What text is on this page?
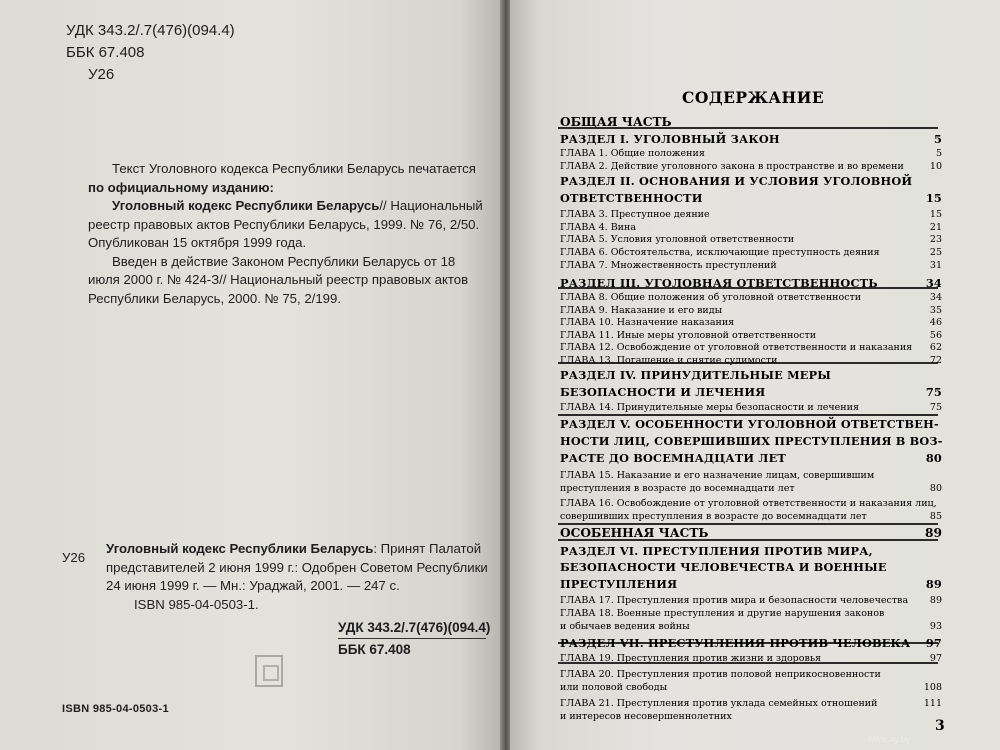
УДК 343.2/.7(476)(094.4)
ББК 67.408
У26

Текст Уголовного кодекса Республики Беларусь печатается по официальному изданию:

Уголовный кодекс Республики Беларусь// Национальный реестр правовых актов Республики Беларусь, 1999. № 76, 2/50. Опубликован 15 октября 1999 года.

Введен в действие Законом Республики Беларусь от 18 июля 2000 г. № 424-З// Национальный реестр правовых актов Республики Беларусь, 2000. № 75, 2/199.

У26
Уголовный кодекс Республики Беларусь: Принят Палатой представителей 2 июня 1999 г.: Одобрен Советом Республики 24 июня 1999 г. — Мн.: Ураджай, 2001. — 247 с.
ISBN 985-04-0503-1.
УДК 343.2/.7(476)(094.4)
ББК 67.408
ISBN 985-04-0503-1
СОДЕРЖАНИЕ
ОБЩАЯ ЧАСТЬ
РАЗДЕЛ I. УГОЛОВНЫЙ ЗАКОН	5
ГЛАВА 1. Общие положения	5
ГЛАВА 2. Действие уголовного закона в пространстве и во времени	10
РАЗДЕЛ II. ОСНОВАНИЯ И УСЛОВИЯ УГОЛОВНОЙ
ОТВЕТСТВЕННОСТИ	15
ГЛАВА 3. Преступное деяние	15
ГЛАВА 4. Вина	21
ГЛАВА 5. Условия уголовной ответственности	23
ГЛАВА 6. Обстоятельства, исключающие преступность деяния	25
ГЛАВА 7. Множественность преступлений	31
РАЗДЕЛ III. УГОЛОВНАЯ ОТВЕТСТВЕННОСТЬ	34
ГЛАВА 8. Общие положения об уголовной ответственности	34
ГЛАВА 9. Наказание и его виды	35
ГЛАВА 10. Назначение наказания	46
ГЛАВА 11. Иные меры уголовной ответственности	56
ГЛАВА 12. Освобождение от уголовной ответственности и наказания 62
ГЛАВА 13. Погашение и снятие судимости	72
РАЗДЕЛ IV. ПРИНУДИТЕЛЬНЫЕ МЕРЫ
БЕЗОПАСНОСТИ И ЛЕЧЕНИЯ	75
ГЛАВА 14. Принудительные меры безопасности и лечения	75
РАЗДЕЛ V. ОСОБЕННОСТИ УГОЛОВНОЙ ОТВЕТСТВЕН-
НОСТИ ЛИЦ, СОВЕРШИВШИХ ПРЕСТУПЛЕНИЯ В ВОЗ-
РАСТЕ ДО ВОСЕМНАДЦАТИ ЛЕТ	80
ГЛАВА 15. Наказание и его назначение лицам, совершившим
преступления в возрасте до восемнадцати лет	80
ГЛАВА 16. Освобождение от уголовной ответственности и наказания лиц,
совершивших преступления в возрасте до восемнадцати лет	85
ОСОБЕННАЯ ЧАСТЬ	89
РАЗДЕЛ VI. ПРЕСТУПЛЕНИЯ ПРОТИВ МИРА,
БЕЗОПАСНОСТИ ЧЕЛОВЕЧЕСТВА И ВОЕННЫЕ
ПРЕСТУПЛЕНИЯ	89
ГЛАВА 17. Преступления против мира и безопасности человечества 89
ГЛАВА 18. Военные преступления и другие нарушения законов
и обычаев ведения войны	93
РАЗДЕЛ VII. ПРЕСТУПЛЕНИЯ ПРОТИВ ЧЕЛОВЕКА 97
ГЛАВА 19. Преступления против жизни и здоровья	97
ГЛАВА 20. Преступления против половой неприкосновенности
или половой свободы	108
ГЛАВА 21. Преступления против уклада семейных отношений	111
и интересов несовершеннолетних
3
www.ay.by
